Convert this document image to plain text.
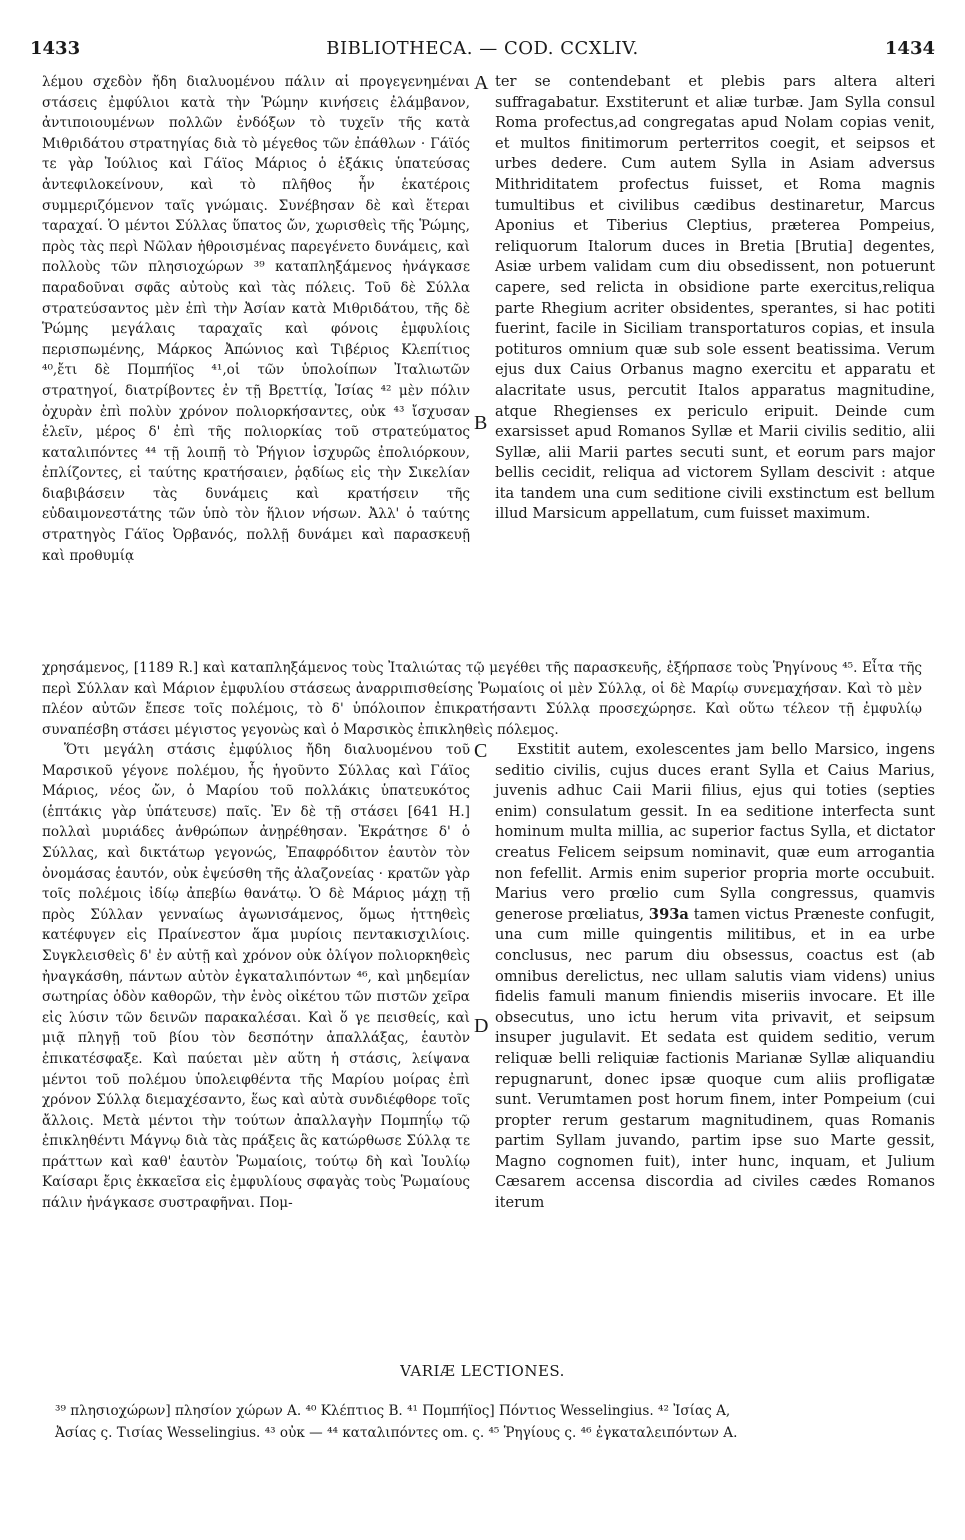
1433	BIBLIOTHECA. — COD. CCXLIV.	1434

λέμου σχεδὸν ἤδη διαλυομένου πάλιν αἱ προγεγενημέναι στάσεις ἐμφύλιοι κατὰ τὴν Ῥώμην κινήσεις ἐλάμβανον, ἀντιποιουμένων πολλῶν ἐνδόξων τὸ τυχεῖν τῆς κατὰ Μιθριδάτου στρατηγίας διὰ τὸ μέγεθος τῶν ἐπάθλων · Γάϊός τε γὰρ Ἰούλιος καὶ Γάϊος Μάριος ὁ ἑξάκις ὑπατεύσας ἀντεφιλοκείνουν, καὶ τὸ πλῆθος ἦν ἑκατέροις συμμεριζόμενον ταῖς γνώμαις. Συνέβησαν δὲ καὶ ἕτεραι ταραχαί. Ὁ μέντοι Σύλλας ὕπατος ὤν, χωρισθεὶς τῆς Ῥώμης, πρὸς τὰς περὶ Νῶλαν ἠθροισμένας παρεγένετο δυνάμεις, καὶ πολλοὺς τῶν πλησιοχώρων ³⁹ καταπληξάμενος ἠνάγκασε παραδοῦναι σφᾶς αὐτοὺς καὶ τὰς πόλεις. Τοῦ δὲ Σύλλα στρατεύσαντος μὲν ἐπὶ τὴν Ἀσίαν κατὰ Μιθριδάτου, τῆς δὲ Ῥώμης μεγάλαις ταραχαῖς καὶ φόνοις ἐμφυλίοις περισπωμένης, Μάρκος Ἀπώνιος καὶ Τιβέριος Κλεπίτιος ⁴⁰,ἔτι δὲ Πομπήϊος ⁴¹,οἱ τῶν ὑπολοίπων Ἰταλιωτῶν στρατηγοί, διατρίβοντες ἐν τῇ Βρεττίᾳ, Ἰσίας ⁴² μὲν πόλιν ὀχυρὰν ἐπὶ πολὺν χρόνον πολιορκήσαντες, οὐκ ⁴³ ἴσχυσαν ἑλεῖν, μέρος δ' ἐπὶ τῆς πολιορκίας τοῦ στρατεύματος καταλιπόντες ⁴⁴ τῇ λοιπῇ τὸ Ῥήγιον ἰσχυρῶς ἐπολιόρκουν, ἐπλίζοντες, εἰ ταύτης κρατήσαιεν, ῥᾳδίως εἰς τὴν Σικελίαν διαβιβάσειν τὰς δυνάμεις καὶ κρατήσειν τῆς εὐδαιμονεστάτης τῶν ὑπὸ τὸν ἥλιον νήσων. Ἀλλ' ὁ ταύτης στρατηγὸς Γάϊος Ὀρβανός, πολλῇ δυνάμει καὶ παρασκευῇ καὶ προθυμίᾳ

A
B

ter se contendebant et plebis pars altera alteri suffragabatur. Exstiterunt et aliæ turbæ. Jam Sylla consul Roma profectus,ad congregatas apud Nolam copias venit, et multos finitimorum perterritos coegit, et seipsos et urbes dedere. Cum autem Sylla in Asiam adversus Mithriditatem profectus fuisset, et Roma magnis tumultibus et civilibus cædibus destinaretur, Marcus Aponius et Tiberius Cleptius, præterea Pompeius, reliquorum Italorum duces in Bretia [Brutia] degentes, Asiæ urbem validam cum diu obsedissent, non potuerunt capere, sed relicta in obsidione parte exercitus,reliqua parte Rhegium acriter obsidentes, sperantes, si hac potiti fuerint, facile in Siciliam transportaturos copias, et insula potituros omnium quæ sub sole essent beatissima. Verum ejus dux Caius Orbanus magno exercitu et apparatu et alacritate usus, percutit Italos apparatus magnitudine, atque Rhegienses ex periculo eripuit. Deinde cum exarsisset apud Romanos Syllæ et Marii civilis seditio, alii Syllæ, alii Marii partes secuti sunt, et eorum pars major bellis cecidit, reliqua ad victorem Syllam descivit : atque ita tandem una cum seditione civili exstinctum est bellum illud Marsicum appellatum, cum fuisset maximum.

χρησάμενος, [1189 R.] καὶ καταπληξάμενος τοὺς Ἰταλιώτας τῷ μεγέθει τῆς παρασκευῆς, ἐξήρπασε τοὺς Ῥηγίνους ⁴⁵. Εἶτα τῆς περὶ Σύλλαν καὶ Μάριον ἐμφυλίου στάσεως ἀναρριπισθείσης Ῥωμαίοις οἱ μὲν Σύλλᾳ, οἱ δὲ Μαρίῳ συνεμαχήσαν. Καὶ τὸ μὲν πλέον αὐτῶν ἔπεσε τοῖς πολέμοις, τὸ δ' ὑπόλοιπον ἐπικρατήσαντι Σύλλᾳ προσεχώρησε. Καὶ οὕτω τέλεον τῇ ἐμφυλίῳ συναπέσβη στάσει μέγιστος γεγονὼς καὶ ὁ Μαρσικὸς ἐπικληθεὶς πόλεμος.

Ὅτι μεγάλη στάσις ἐμφύλιος ἤδη διαλυομένου τοῦ Μαρσικοῦ γέγονε πολέμου, ἧς ἡγοῦντο Σύλλας καὶ Γάϊος Μάριος, νέος ὤν, ὁ Μαρίου τοῦ πολλάκις ὑπατευκότος (ἑπτάκις γὰρ ὑπάτευσε) παῖς. Ἐν δὲ τῇ στάσει [641 H.] πολλαὶ μυριάδες ἀνθρώπων ἀνῃρέθησαν. Ἐκράτησε δ' ὁ Σύλλας, καὶ δικτάτωρ γεγονώς, Ἐπαφρόδιτον ἑαυτὸν τὸν ὀνομάσας ἑαυτόν, οὐκ ἐψεύσθη τῆς ἀλαζονείας · κρατῶν γὰρ τοῖς πολέμοις ἰδίῳ ἀπεβίω θανάτῳ. Ὁ δὲ Μάριος μάχῃ τῇ πρὸς Σύλλαν γενναίως ἀγωνισάμενος, ὅμως ἡττηθεὶς κατέφυγεν εἰς Πραίνεστον ἅμα μυρίοις πεντακισχιλίοις. Συγκλεισθεὶς δ' ἐν αὐτῇ καὶ χρόνον οὐκ ὀλίγον πολιορκηθεὶς ἠναγκάσθη, πάντων αὐτὸν ἐγκαταλιπόντων ⁴⁶, καὶ μηδεμίαν σωτηρίας ὁδὸν καθορῶν, τὴν ἑνὸς οἰκέτου τῶν πιστῶν χεῖρα εἰς λύσιν τῶν δεινῶν παρακαλέσαι. Καὶ ὅ γε πεισθείς, καὶ μιᾷ πληγῇ τοῦ βίου τὸν δεσπότην ἀπαλλάξας, ἑαυτὸν ἐπικατέσφαξε. Καὶ παύεται μὲν αὕτη ἡ στάσις, λείψανα μέντοι τοῦ πολέμου ὑπολειφθέντα τῆς Μαρίου μοίρας ἐπὶ χρόνον Σύλλᾳ διεμαχέσαντο, ἕως καὶ αὐτὰ συνδιέφθορε τοῖς ἄλλοις. Μετὰ μέντοι τὴν τούτων ἀπαλλαγὴν Πομπηΐῳ τῷ ἐπικληθέντι Μάγνῳ διὰ τὰς πράξεις ἃς κατώρθωσε Σύλλᾳ τε πράττων καὶ καθ' ἑαυτὸν Ῥωμαίοις, τούτῳ δὴ καὶ Ἰουλίῳ Καίσαρι ἔρις ἐκκαεῖσα εἰς ἐμφυλίους σφαγὰς τοὺς Ῥωμαίους πάλιν ἠνάγκασε συστραφῆναι. Πομ-

C
D

Exstitit autem, exolescentes jam bello Marsico, ingens seditio civilis, cujus duces erant Sylla et Caius Marius, juvenis adhuc Caii Marii filius, ejus qui toties (septies enim) consulatum gessit. In ea seditione interfecta sunt hominum multa millia, ac superior factus Sylla, et dictator creatus Felicem seipsum nominavit, quæ eum arrogantia non fefellit. Armis enim superior propria morte occubuit. Marius vero prœlio cum Sylla congressus, quamvis generose prœliatus, 393a tamen victus Præneste confugit, una cum mille quingentis militibus, et in ea urbe conclusus, nec parum diu obsessus, coactus est (ab omnibus derelictus, nec ullam salutis viam videns) unius fidelis famuli manum finiendis miseriis invocare. Et ille obsecutus, uno ictu herum vita privavit, et seipsum insuper jugulavit. Et sedata est quidem seditio, verum reliquæ belli reliquiæ factionis Marianæ Syllæ aliquandiu repugnarunt, donec ipsæ quoque cum aliis profligatæ sunt. Verumtamen post horum finem, inter Pompeium (cui propter rerum gestarum magnitudinem, quas Romanis partim Syllam juvando, partim ipse suo Marte gessit, Magno cognomen fuit), inter hunc, inquam, et Julium Cæsarem accensa discordia ad civiles cædes Romanos iterum

VARIÆ LECTIONES.

³⁹ πλησιοχώρων] πλησίον χώρων A. ⁴⁰ Κλέπτιος B. ⁴¹ Πομπήϊος] Πόντιος Wesselingius. ⁴² Ἰσίας A,

Ἀσίας ς. Τισίας Wesselingius. ⁴³ οὐκ — ⁴⁴ καταλιπόντες om. ς. ⁴⁵ Ῥηγίους ς. ⁴⁶ ἐγκαταλειπόντων A.
